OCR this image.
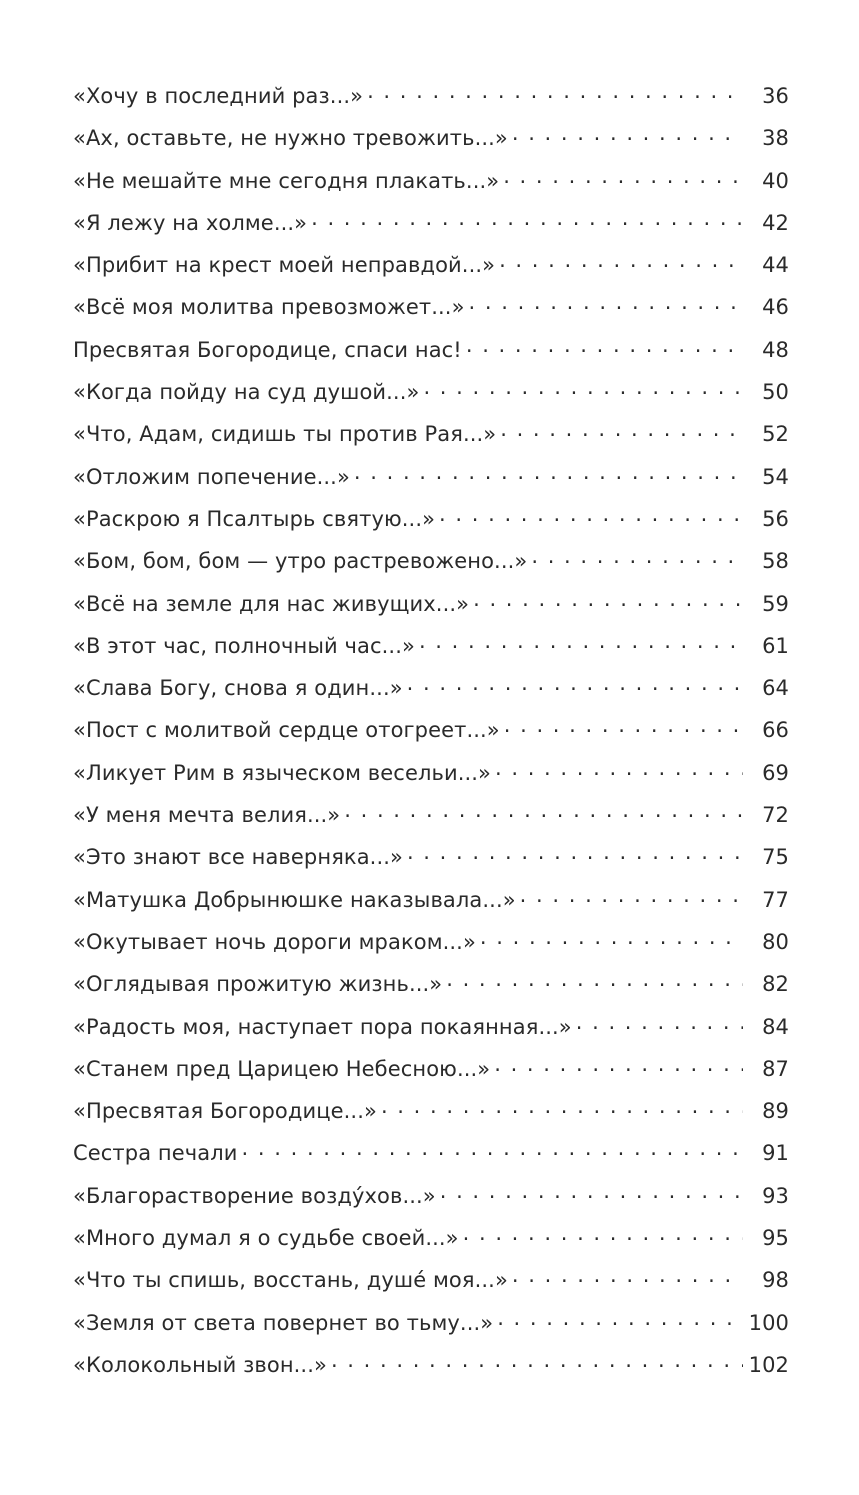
«Хочу в последний раз...» . . .	36
«Ах, оставьте, не нужно тревожить...» . . .	38
«Не мешайте мне сегодня плакать...» . . .	40
«Я лежу на холме...» . . .	42
«Прибит на крест моей неправдой...» . . .	44
«Всё моя молитва превозможет...» . . .	46
Пресвятая Богородице, спаси нас! . . .	48
«Когда пойду на суд душой...» . . .	50
«Что, Адам, сидишь ты против Рая...» . . .	52
«Отложим попечение...» . . .	54
«Раскрою я Псалтырь святую...» . . .	56
«Бом, бом, бом — утро растревожено...» . . .	58
«Всё на земле для нас живущих...» . . .	59
«В этот час, полночный час...» . . .	61
«Слава Богу, снова я один...» . . .	64
«Пост с молитвой сердце отогреет...» . . .	66
«Ликует Рим в языческом весельи...» . . .	69
«У меня мечта велия...» . . .	72
«Это знают все наверняка...» . . .	75
«Матушка Добрынюшке наказывала...» . . .	77
«Окутывает ночь дороги мраком...» . . .	80
«Оглядывая прожитую жизнь...» . . .	82
«Радость моя, наступает пора покаянная...» . . .	84
«Станем пред Царицею Небесною...» . . .	87
«Пресвятая Богородице...» . . .	89
Сестра печали . . .	91
«Благорастворение возду́хов...» . . .	93
«Много думал я о судьбе своей...» . . .	95
«Что ты спишь, восстань, душе́ моя...» . . .	98
«Земля от света повернет во тьму...» . . .	100
«Колокольный звон...» . . .	102
